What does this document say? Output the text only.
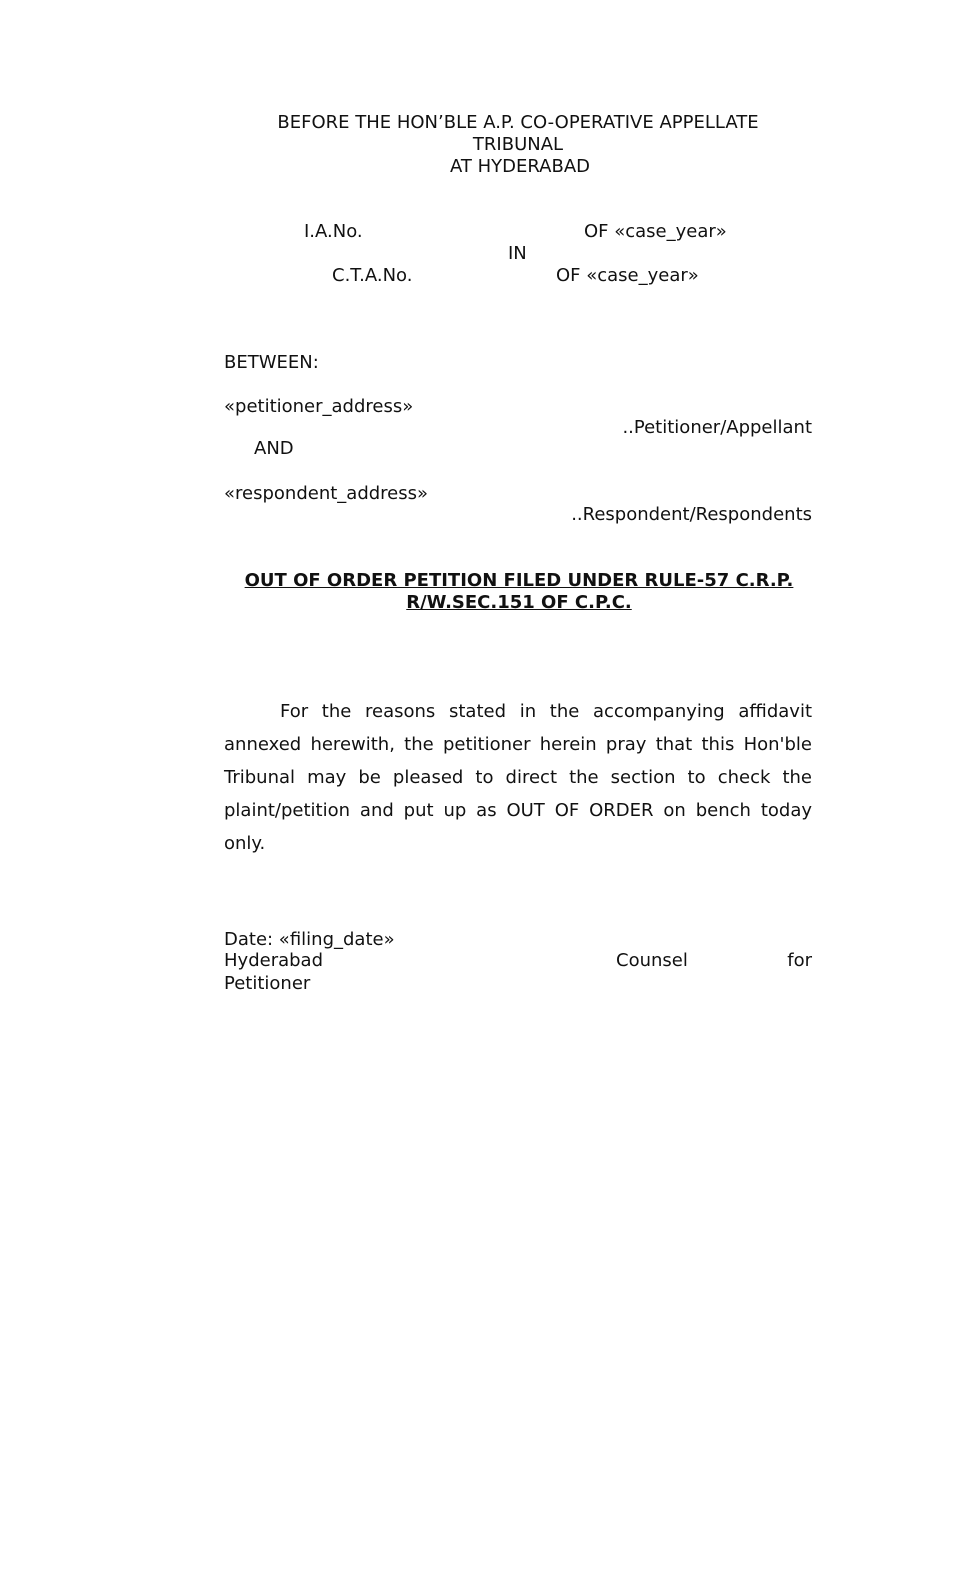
BEFORE THE HON’BLE A.P. CO-OPERATIVE APPELLATE
TRIBUNAL
AT HYDERABAD
I.A.No.	OF «case_year»
IN
C.T.A.No.	OF «case_year»
BETWEEN:
«petitioner_address»
..Petitioner/Appellant
AND
«respondent_address»
..Respondent/Respondents
OUT OF ORDER PETITION FILED UNDER RULE-57 C.R.P.
R/W.SEC.151 OF C.P.C.
For the reasons stated in the accompanying affidavit annexed herewith, the petitioner herein pray that this Hon'ble Tribunal may be pleased to direct the section to check the plaint/petition and put up as OUT OF ORDER on bench today only.
Date: «filing_date»
Hyderabad	Counsel	for
Petitioner
